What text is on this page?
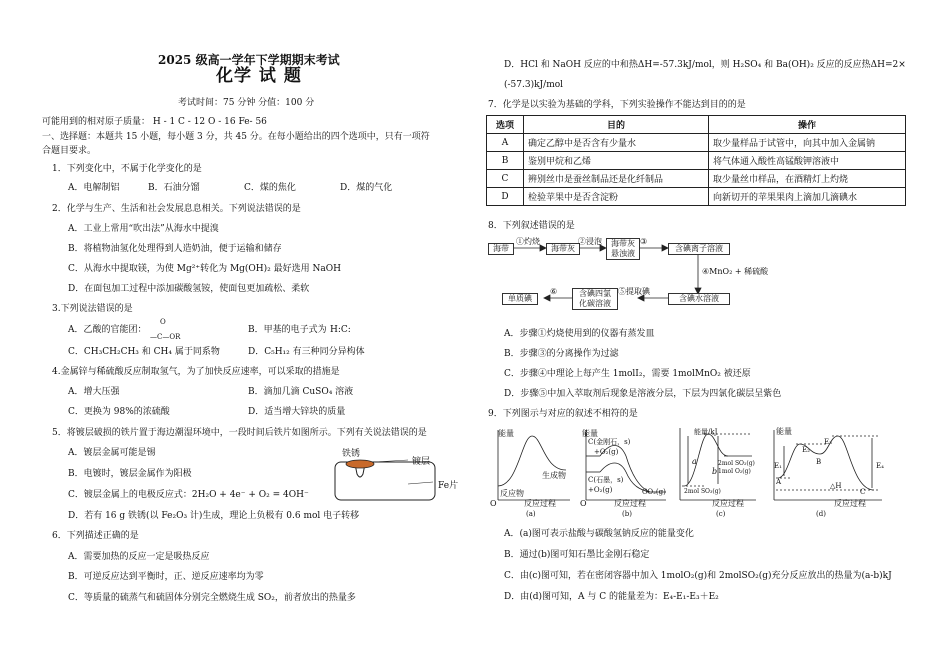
2025 级高一学年下学期期末考试
化学 试 题
考试时间：75 分钟 分值：100 分
可能用到的相对原子质量： H - 1 C - 12 O - 16 Fe- 56
一、选择题：本题共 15 小题，每小题 3 分，共 45 分。在每小题给出的四个选项中，只有一项符
合题目要求。
1．下列变化中，不属于化学变化的是
A．电解制铝	B．石油分馏	C．煤的焦化	D．煤的气化
2．化学与生产、生活和社会发展息息相关。下列说法错误的是
A．工业上常用“吹出法”从海水中提溴
B．将植物油氢化处理得到人造奶油，便于运输和储存
C．从海水中提取镁，为使 Mg²⁺转化为 Mg(OH)₂ 最好选用 NaOH
D．在面包加工过程中添加碳酸氢铵，使面包更加疏松、柔软
3.下列说法错误的是
A．乙酸的官能团：
O
—C—OR
B．甲基的电子式为 H:C:
C．CH₃CH₂CH₃ 和 CH₄ 属于同系物	D．C₅H₁₂ 有三种同分异构体
4.金属锌与稀硫酸反应制取氢气，为了加快反应速率，可以采取的措施是
A．增大压强	B．滴加几滴 CuSO₄ 溶液
C．更换为 98%的浓硫酸	D．适当增大锌块的质量
5．将镀层破损的铁片置于海边潮湿环境中，一段时间后铁片如图所示。下列有关说法错误的是
A．镀层金属可能是锡
B．电镀时，镀层金属作为阳极
C．镀层金属上的电极反应式：2H₂O + 4e⁻ + O₂ = 4OH⁻
D．若有 16 g 铁锈(以 Fe₂O₃ 计)生成，理论上负极有 0.6 mol 电子转移
铁锈
镀层
Fe片
6．下列描述正确的是
A．需要加热的反应一定是吸热反应
B．可逆反应达到平衡时，正、逆反应速率均为零
C．等质量的硫蒸气和硫固体分别完全燃烧生成 SO₂，前者放出的热量多
D．HCl 和 NaOH 反应的中和热ΔH=-57.3kJ/mol，则 H₂SO₄ 和 Ba(OH)₂ 反应的反应热ΔH=2×
(-57.3)kJ/mol
7．化学是以实验为基础的学科，下列实验操作不能达到目的的是
选项	目的	操作
A	确定乙醇中是否含有少量水	取少量样品于试管中，向其中加入金属钠
B	鉴别甲烷和乙烯	将气体通入酸性高锰酸钾溶液中
C	辨别丝巾是蚕丝制品还是化纤制品	取少量丝巾样品，在酒精灯上灼烧
D	检验苹果中是否含淀粉	向新切开的苹果果肉上滴加几滴碘水
8．下列叙述错误的是
海带
①灼烧
海带灰
②浸泡	海带灰
悬浊液
③
含碘离子溶液
④MnO₂ + 稀硫酸
含碘水溶液
⑤提取碘
含碘四氯
化碳溶液
⑥
单质碘
A．步骤①灼烧使用到的仪器有蒸发皿
B．步骤③的分离操作为过滤
C．步骤④中理论上每产生 1molI₂，需要 1molMnO₂ 被还原
D．步骤⑤中加入萃取剂后现象是溶液分层，下层为四氯化碳层呈紫色
9．下列图示与对应的叙述不相符的是
能量
生成物
反应物
O	反应过程
(a)
能量
C(金刚石，s)
+O₂(g)
C(石墨，s)
+O₂(g)	CO₂(g)
O	反应过程
(b)
能量/kJ
a
b
2mol SO₂(g)
1mol O₂(g)
2mol SO₃(g)
反应过程
(c)
能量
E₁
E₂
E₃
E₄
A
B
C
△H
反应过程
(d)
A．(a)图可表示盐酸与碳酸氢钠反应的能量变化
B．通过(b)图可知石墨比金刚石稳定
C．由(c)图可知，若在密闭容器中加入 1molO₂(g)和 2molSO₂(g)充分反应放出的热量为(a-b)kJ
D．由(d)图可知，A 与 C 的能量差为：E₄-E₁-E₃＋E₂
